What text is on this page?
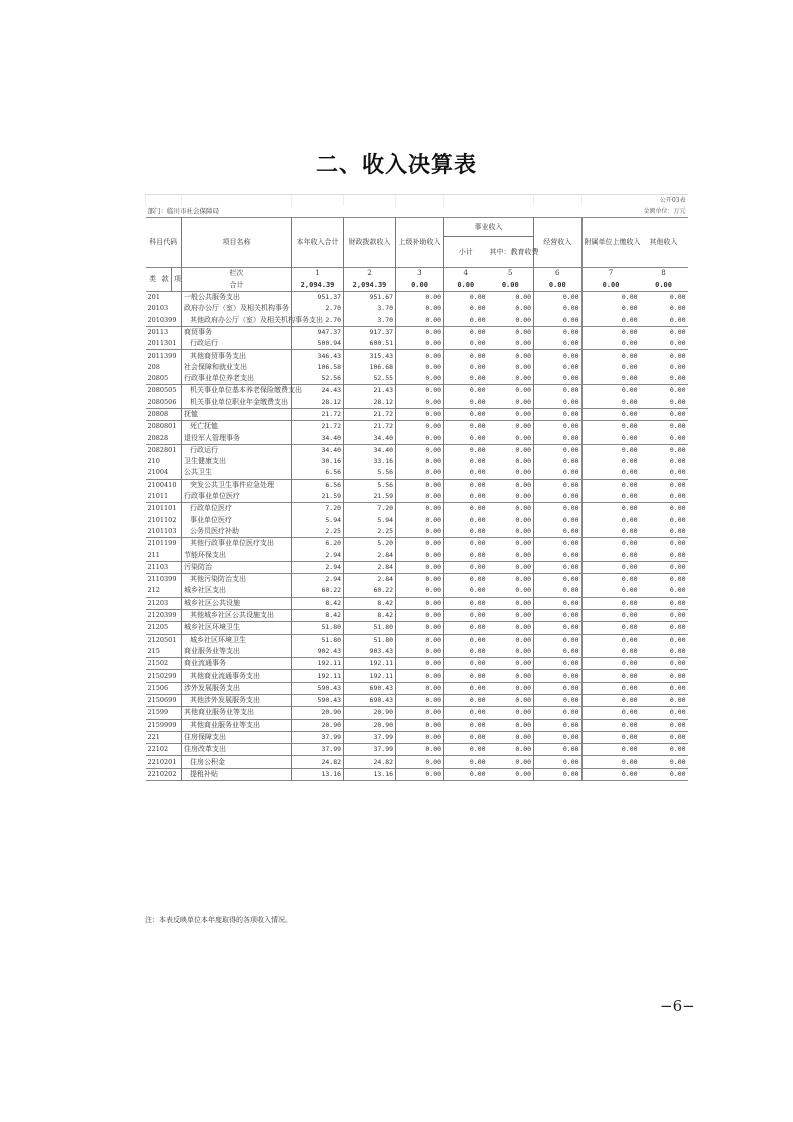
二、收入决算表
										公开03表	
部门：临川市社会保障局										金额单位：万元	
科目代码			项目名称	本年收入合计	财政拨款收入	上级补助收入	事业收入		经营收入	附属单位上缴收入	其他收入
							小计	其中：教育收费			
类	款	项	栏次	1	2	3	4	5	6	7	8
			合计	2,094.39	2,094.39	0.00	0.00	0.00	0.00	0.00	0.00
201			一般公共服务支出	951.37	951.67	0.00	0.00	0.00	0.00	0.00	0.00
20103			政府办公厅（室）及相关机构事务	2.70	3.70	0.00	0.00	0.00	0.00	0.00	0.00
2010399			其他政府办公厅（室）及相关机构事务支出	2.70	3.70	0.00	0.00	0.00	0.00	0.00	0.00
20113			商贸事务	947.37	917.37	0.00	0.00	0.00	0.00	0.00	0.00
2011301			行政运行	500.94	600.51	0.00	0.00	0.00	0.00	0.00	0.00
2011399			其他商贸事务支出	346.43	315.43	0.00	0.00	0.00	0.00	0.00	0.00
208			社会保障和就业支出	106.58	106.68	0.00	0.00	0.00	0.00	0.00	0.00
20805			行政事业单位养老支出	52.56	52.55	0.00	0.00	0.00	0.00	0.00	0.00
2080505			机关事业单位基本养老保险缴费支出	24.43	21.43	0.00	0.00	0.00	0.00	0.00	0.00
2080506			机关事业单位职业年金缴费支出	28.12	28.12	0.00	0.00	0.00	0.00	0.00	0.00
20808			抚恤	21.72	21.72	0.00	0.00	0.00	0.00	0.00	0.00
2080801			死亡抚恤	21.72	21.72	0.00	0.00	0.00	0.00	0.00	0.00
20828			退役军人管理事务	34.40	34.40	0.00	0.00	0.00	0.00	0.00	0.00
2082801			行政运行	34.40	34.40	0.00	0.00	0.00	0.00	0.00	0.00
210			卫生健康支出	30.16	33.16	0.00	0.00	0.00	0.00	0.00	0.00
21004			公共卫生	6.56	5.56	0.00	0.00	0.00	0.00	0.00	0.00
2100410			突发公共卫生事件应急处理	6.56	5.56	0.00	0.00	0.00	0.00	0.00	0.00
21011			行政事业单位医疗	21.59	21.59	0.00	0.00	0.00	0.00	0.00	0.00
2101101			行政单位医疗	7.20	7.20	0.00	0.00	0.00	0.00	0.00	0.00
2101102			事业单位医疗	5.94	5.94	0.00	0.00	0.00	0.00	0.00	0.00
2101103			公务员医疗补助	2.25	2.25	0.00	0.00	0.00	0.00	0.00	0.00
2101199			其他行政事业单位医疗支出	6.20	5.20	0.00	0.00	0.00	0.00	0.00	0.00
211			节能环保支出	2.94	2.84	0.00	0.00	0.00	0.00	0.00	0.00
21103			污染防治	2.94	2.84	0.00	0.00	0.00	0.00	0.00	0.00
2110399			其他污染防治支出	2.94	2.84	0.00	0.00	0.00	0.00	0.00	0.00
212			城乡社区支出	60.22	60.22	0.00	0.00	0.00	0.00	0.00	0.00
21203			城乡社区公共设施	8.42	8.42	0.00	0.00	0.00	0.00	0.00	0.00
2120399			其他城乡社区公共设施支出	8.42	8.42	0.00	0.00	0.00	0.00	0.00	0.00
21205			城乡社区环境卫生	51.80	51.80	0.00	0.00	0.00	0.00	0.00	0.00
2120501			城乡社区环境卫生	51.80	51.80	0.00	0.00	0.00	0.00	0.00	0.00
215			商业服务业等支出	902.43	903.43	0.00	0.00	0.00	0.00	0.00	0.00
21502			商业流通事务	192.11	192.11	0.00	0.00	0.00	0.00	0.00	0.00
2150299			其他商业流通事务支出	192.11	192.11	0.00	0.00	0.00	0.00	0.00	0.00
21506			涉外发展服务支出	590.43	690.43	0.00	0.00	0.00	0.00	0.00	0.00
2150699			其他涉外发展服务支出	590.43	690.43	0.00	0.00	0.00	0.00	0.00	0.00
21599			其他商业服务业等支出	20.90	20.90	0.00	0.00	0.00	0.00	0.00	0.00
2159999			其他商业服务业等支出	20.90	20.90	0.00	0.00	0.00	0.00	0.00	0.00
221			住房保障支出	37.99	37.99	0.00	0.00	0.00	0.00	0.00	0.00
22102			住房改革支出	37.99	37.99	0.00	0.00	0.00	0.00	0.00	0.00
2210201			住房公积金	24.82	24.82	0.00	0.00	0.00	0.00	0.00	0.00
2210202			提租补贴	13.16	13.16	0.00	0.00	0.00	0.00	0.00	0.00
注：本表反映单位本年度取得的各项收入情况。
−6−
